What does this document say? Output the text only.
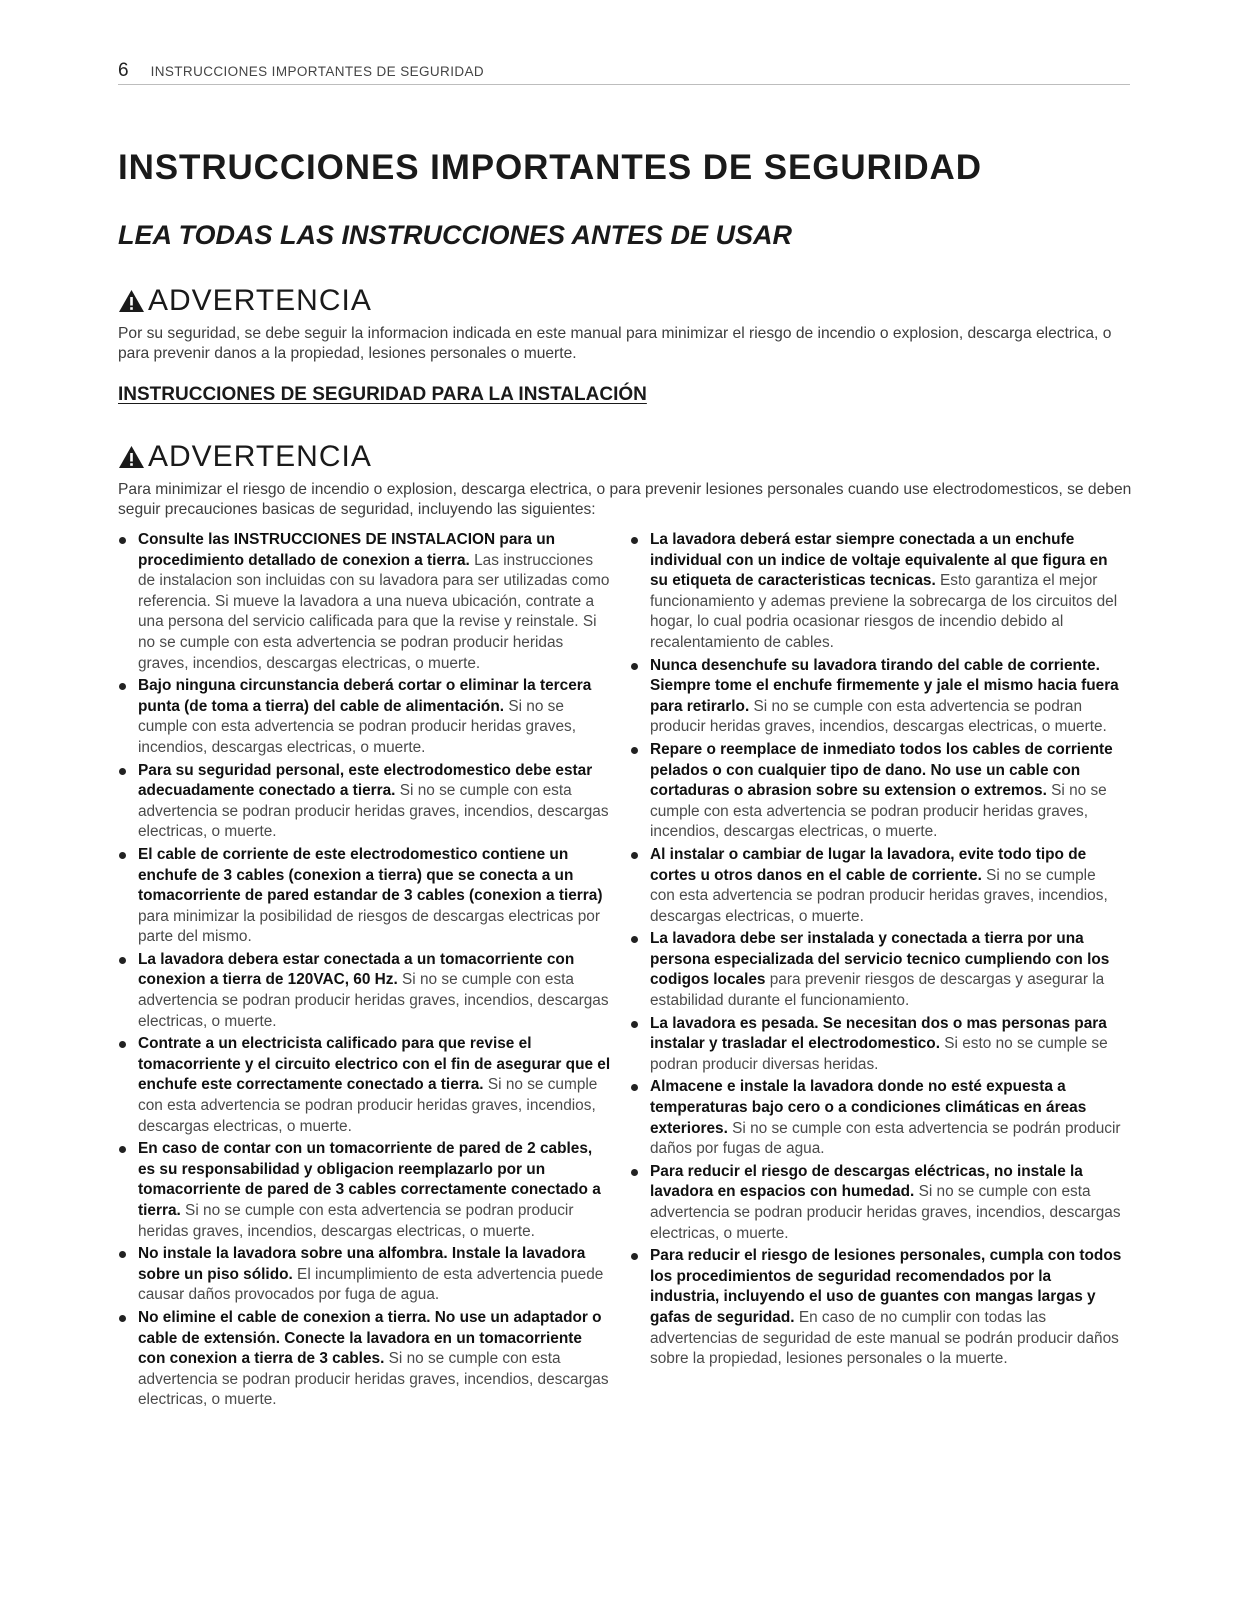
6 INSTRUCCIONES IMPORTANTES DE SEGURIDAD
INSTRUCCIONES IMPORTANTES DE SEGURIDAD
LEA TODAS LAS INSTRUCCIONES ANTES DE USAR
ADVERTENCIA
Por su seguridad, se debe seguir la informacion indicada en este manual para minimizar el riesgo de incendio o explosion, descarga electrica, o para prevenir danos a la propiedad, lesiones personales o muerte.
INSTRUCCIONES DE SEGURIDAD PARA LA INSTALACIÓN
ADVERTENCIA
Para minimizar el riesgo de incendio o explosion, descarga electrica, o para prevenir lesiones personales cuando use electrodomesticos, se deben seguir precauciones basicas de seguridad, incluyendo las siguientes:
Consulte las INSTRUCCIONES DE INSTALACION para un procedimiento detallado de conexion a tierra. Las instrucciones de instalacion son incluidas con su lavadora para ser utilizadas como referencia. Si mueve la lavadora a una nueva ubicación, contrate a una persona del servicio calificada para que la revise y reinstale. Si no se cumple con esta advertencia se podran producir heridas graves, incendios, descargas electricas, o muerte.
Bajo ninguna circunstancia deberá cortar o eliminar la tercera punta (de toma a tierra) del cable de alimentación. Si no se cumple con esta advertencia se podran producir heridas graves, incendios, descargas electricas, o muerte.
Para su seguridad personal, este electrodomestico debe estar adecuadamente conectado a tierra. Si no se cumple con esta advertencia se podran producir heridas graves, incendios, descargas electricas, o muerte.
El cable de corriente de este electrodomestico contiene un enchufe de 3 cables (conexion a tierra) que se conecta a un tomacorriente de pared estandar de 3 cables (conexion a tierra) para minimizar la posibilidad de riesgos de descargas electricas por parte del mismo.
La lavadora debera estar conectada a un tomacorriente con conexion a tierra de 120VAC, 60 Hz. Si no se cumple con esta advertencia se podran producir heridas graves, incendios, descargas electricas, o muerte.
Contrate a un electricista calificado para que revise el tomacorriente y el circuito electrico con el fin de asegurar que el enchufe este correctamente conectado a tierra. Si no se cumple con esta advertencia se podran producir heridas graves, incendios, descargas electricas, o muerte.
En caso de contar con un tomacorriente de pared de 2 cables, es su responsabilidad y obligacion reemplazarlo por un tomacorriente de pared de 3 cables correctamente conectado a tierra. Si no se cumple con esta advertencia se podran producir heridas graves, incendios, descargas electricas, o muerte.
No instale la lavadora sobre una alfombra. Instale la lavadora sobre un piso sólido. El incumplimiento de esta advertencia puede causar daños provocados por fuga de agua.
No elimine el cable de conexion a tierra. No use un adaptador o cable de extensión. Conecte la lavadora en un tomacorriente con conexion a tierra de 3 cables. Si no se cumple con esta advertencia se podran producir heridas graves, incendios, descargas electricas, o muerte.
La lavadora deberá estar siempre conectada a un enchufe individual con un indice de voltaje equivalente al que figura en su etiqueta de caracteristicas tecnicas. Esto garantiza el mejor funcionamiento y ademas previene la sobrecarga de los circuitos del hogar, lo cual podria ocasionar riesgos de incendio debido al recalentamiento de cables.
Nunca desenchufe su lavadora tirando del cable de corriente. Siempre tome el enchufe firmemente y jale el mismo hacia fuera para retirarlo. Si no se cumple con esta advertencia se podran producir heridas graves, incendios, descargas electricas, o muerte.
Repare o reemplace de inmediato todos los cables de corriente pelados o con cualquier tipo de dano. No use un cable con cortaduras o abrasion sobre su extension o extremos. Si no se cumple con esta advertencia se podran producir heridas graves, incendios, descargas electricas, o muerte.
Al instalar o cambiar de lugar la lavadora, evite todo tipo de cortes u otros danos en el cable de corriente. Si no se cumple con esta advertencia se podran producir heridas graves, incendios, descargas electricas, o muerte.
La lavadora debe ser instalada y conectada a tierra por una persona especializada del servicio tecnico cumpliendo con los codigos locales para prevenir riesgos de descargas y asegurar la estabilidad durante el funcionamiento.
La lavadora es pesada. Se necesitan dos o mas personas para instalar y trasladar el electrodomestico. Si esto no se cumple se podran producir diversas heridas.
Almacene e instale la lavadora donde no esté expuesta a temperaturas bajo cero o a condiciones climáticas en áreas exteriores. Si no se cumple con esta advertencia se podrán producir daños por fugas de agua.
Para reducir el riesgo de descargas eléctricas, no instale la lavadora en espacios con humedad. Si no se cumple con esta advertencia se podran producir heridas graves, incendios, descargas electricas, o muerte.
Para reducir el riesgo de lesiones personales, cumpla con todos los procedimientos de seguridad recomendados por la industria, incluyendo el uso de guantes con mangas largas y gafas de seguridad. En caso de no cumplir con todas las advertencias de seguridad de este manual se podrán producir daños sobre la propiedad, lesiones personales o la muerte.
